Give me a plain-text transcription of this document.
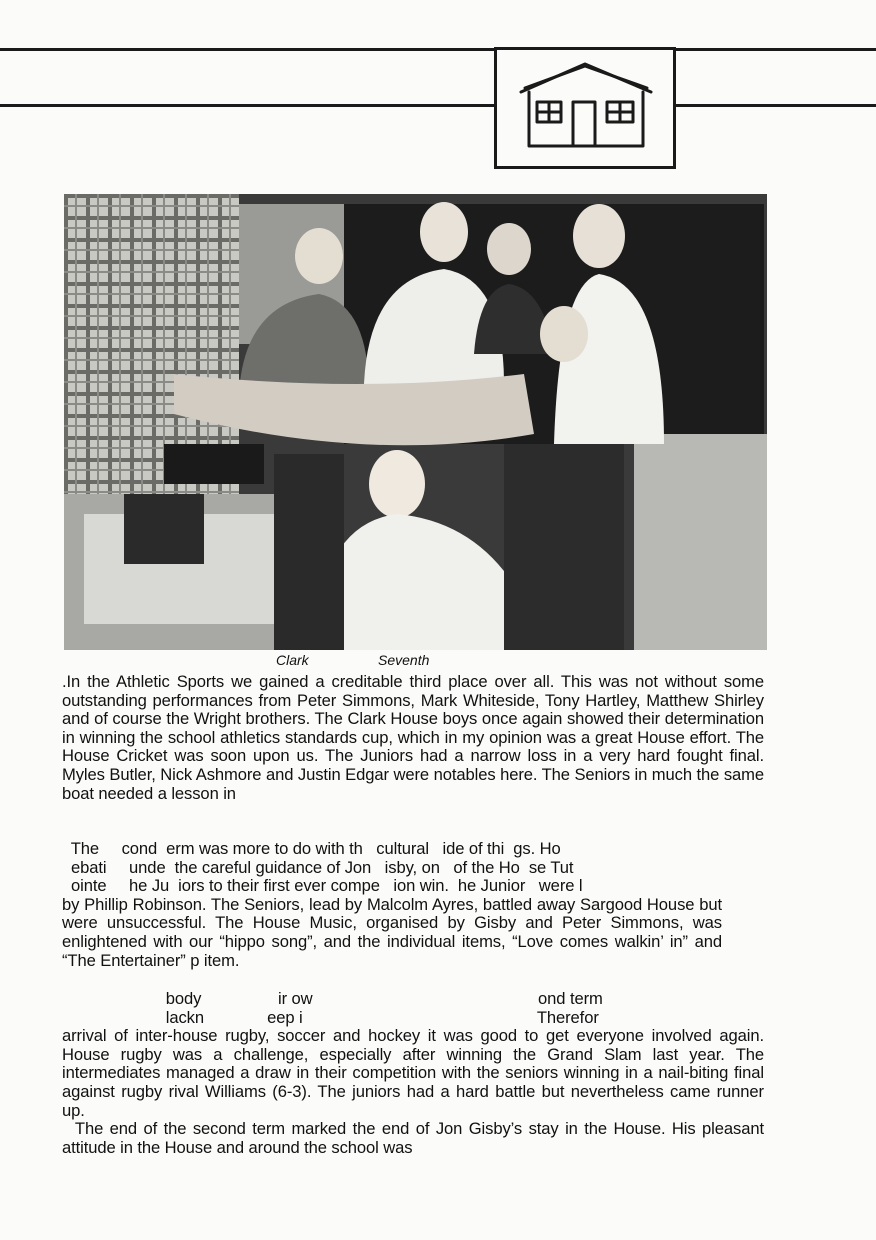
Clark	Seventh

.In the Athletic Sports we gained a creditable third place over all. This was not without some outstanding performances from Peter Simmons, Mark Whiteside, Tony Hartley, Matthew Shirley and of course the Wright brothers. The Clark House boys once again showed their determination in winning the school athletics standards cup, which in my opinion was a great House effort. The House Cricket was soon upon us. The Juniors had a narrow loss in a very hard fought final. Myles Butler, Nick Ashmore and Justin Edgar were notables here. The Seniors in much the same boat needed a lesson in

The     cond  erm was more to do with th   cultural   ide of thi  gs. Ho
ebati     unde  the careful guidance of Jon   isby, on   of the Ho  se Tut
ointe     he Ju  iors to their first ever compe   ion win.  he Junior   were l

by Phillip Robinson. The Seniors, lead by Malcolm Ayres, battled away Sargood House but were unsuccessful. The House Music, organised by Gisby and Peter Simmons, was enlightened with our “hippo song”, and the individual items, “Love comes walkin’ in” and “The Entertainer” p item.

body                 ir ow                                                  ond term
lackn              eep i                                                    Therefor

arrival of inter-house rugby, soccer and hockey it was good to get everyone involved again. House rugby was a challenge, especially after winning the Grand Slam last year. The intermediates managed a draw in their competition with the seniors winning in a nail-biting final against rugby rival Williams (6-3). The juniors had a hard battle but nevertheless came runner up.

The end of the second term marked the end of Jon Gisby’s stay in the House. His pleasant attitude in the House and around the school was
